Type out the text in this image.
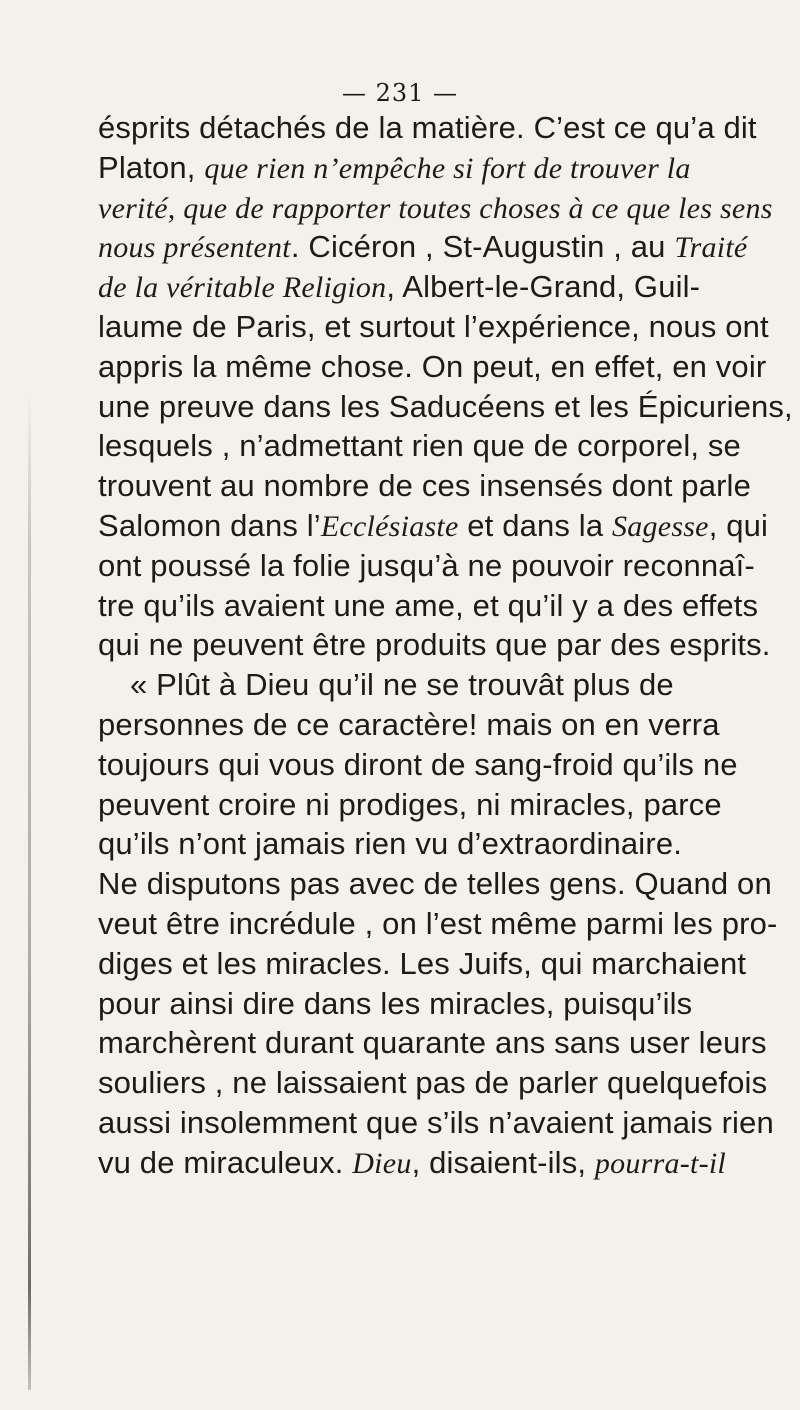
— 231 —
ésprits détachés de la matière. C’est ce qu’a dit
Platon, que rien n’empêche si fort de trouver la
verité, que de rapporter toutes choses à ce que les sens
nous présentent. Cicéron , St-Augustin , au Traité
de la véritable Religion, Albert-le-Grand, Guil-
laume de Paris, et surtout l’expérience, nous ont
appris la même chose. On peut, en effet, en voir
une preuve dans les Saducéens et les Épicuriens,
lesquels , n’admettant rien que de corporel, se
trouvent au nombre de ces insensés dont parle
Salomon dans l’Ecclésiaste et dans la Sagesse, qui
ont poussé la folie jusqu’à ne pouvoir reconnaî-
tre qu’ils avaient une ame, et qu’il y a des effets
qui ne peuvent être produits que par des esprits.
« Plût à Dieu qu’il ne se trouvât plus de
personnes de ce caractère! mais on en verra
toujours qui vous diront de sang-froid qu’ils ne
peuvent croire ni prodiges, ni miracles, parce
qu’ils n’ont jamais rien vu d’extraordinaire.
Ne disputons pas avec de telles gens. Quand on
veut être incrédule , on l’est même parmi les pro-
diges et les miracles. Les Juifs, qui marchaient
pour ainsi dire dans les miracles, puisqu’ils
marchèrent durant quarante ans sans user leurs
souliers , ne laissaient pas de parler quelquefois
aussi insolemment que s’ils n’avaient jamais rien
vu de miraculeux. Dieu, disaient-ils, pourra-t-il
